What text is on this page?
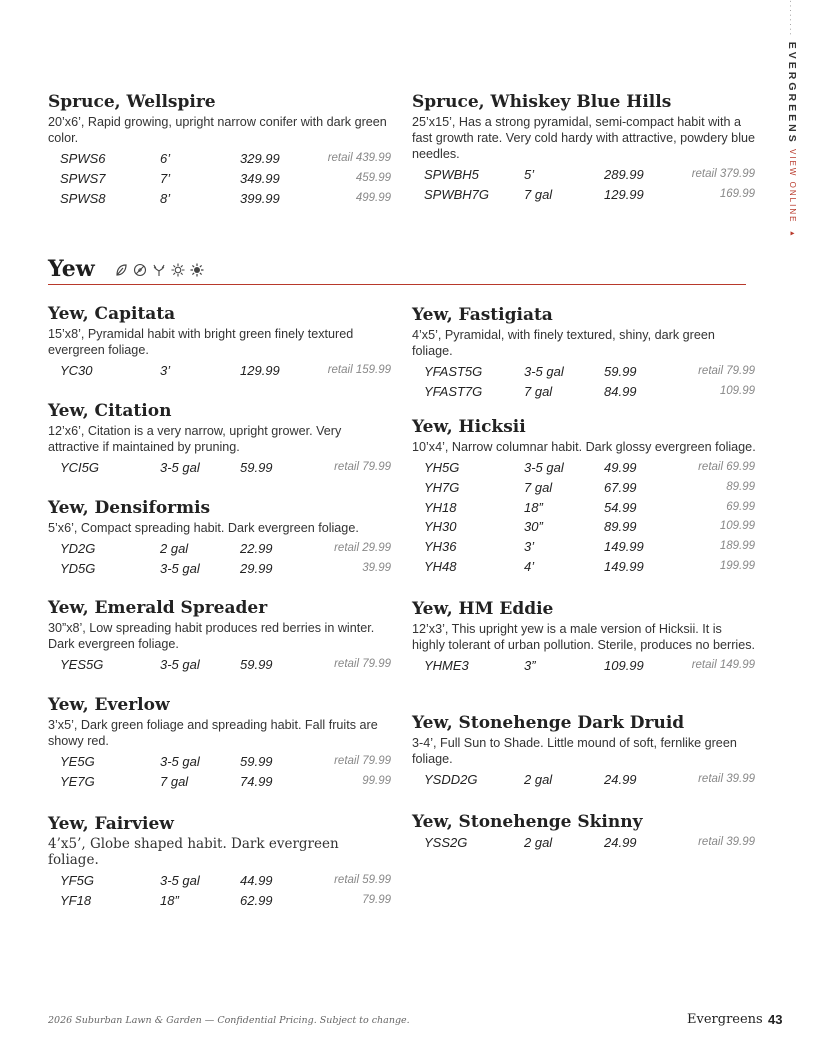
........ EVERGREENS VIEW ONLINE ▸
Spruce, Wellspire

20’x6’, Rapid growing, upright narrow conifer with dark green color.

SPWS6	6’	329.99	retail 439.99
SPWS7	7’	349.99	459.99
SPWS8	8’	399.99	499.99
Yew, Capitata

15’x8’, Pyramidal habit with bright green finely textured evergreen foliage.

YC30	3’	129.99	retail 159.99
Yew, Citation

12’x6’, Citation is a very narrow, upright grower. Very attractive if maintained by pruning.

YCI5G	3-5 gal	59.99	retail 79.99
Yew, Densiformis

5’x6’, Compact spreading habit. Dark evergreen foliage.

YD2G	2 gal	22.99	retail 29.99
YD5G	3-5 gal	29.99	39.99
Yew, Emerald Spreader

30”x8’, Low spreading habit produces red berries in winter. Dark evergreen foliage.

YES5G	3-5 gal	59.99	retail 79.99
Yew, Everlow

3’x5’, Dark green foliage and spreading habit. Fall fruits are showy red.

YE5G	3-5 gal	59.99	retail 79.99
YE7G	7 gal	74.99	99.99
Yew, Fairview

4’x5’, Globe shaped habit. Dark evergreen foliage.

YF5G	3-5 gal	44.99	retail 59.99
YF18	18”	62.99	79.99
Spruce, Whiskey Blue Hills

25’x15’, Has a strong pyramidal, semi-compact habit with a fast growth rate. Very cold hardy with attractive, powdery blue needles.

SPWBH5	5’	289.99	retail 379.99
SPWBH7G	7 gal	129.99	169.99
Yew, Fastigiata

4’x5’, Pyramidal, with finely textured, shiny, dark green foliage.

YFAST5G	3-5 gal	59.99	retail 79.99
YFAST7G	7 gal	84.99	109.99
Yew, Hicksii

10’x4’, Narrow columnar habit. Dark glossy evergreen foliage.

YH5G	3-5 gal	49.99	retail 69.99
YH7G	7 gal	67.99	89.99
YH18	18”	54.99	69.99
YH30	30”	89.99	109.99
YH36	3’	149.99	189.99
YH48	4’	149.99	199.99
Yew, HM Eddie

12’x3’, This upright yew is a male version of Hicksii. It is highly tolerant of urban pollution. Sterile, produces no berries.

YHME3	3”	109.99	retail 149.99
Yew, Stonehenge Dark Druid

3-4’, Full Sun to Shade. Little mound of soft, fernlike green foliage.

YSDD2G	2 gal	24.99	retail 39.99
Yew, Stonehenge Skinny

YSS2G	2 gal	24.99	retail 39.99
Yew
2026 Suburban Lawn & Garden — Confidential Pricing. Subject to change.	Evergreens 43
